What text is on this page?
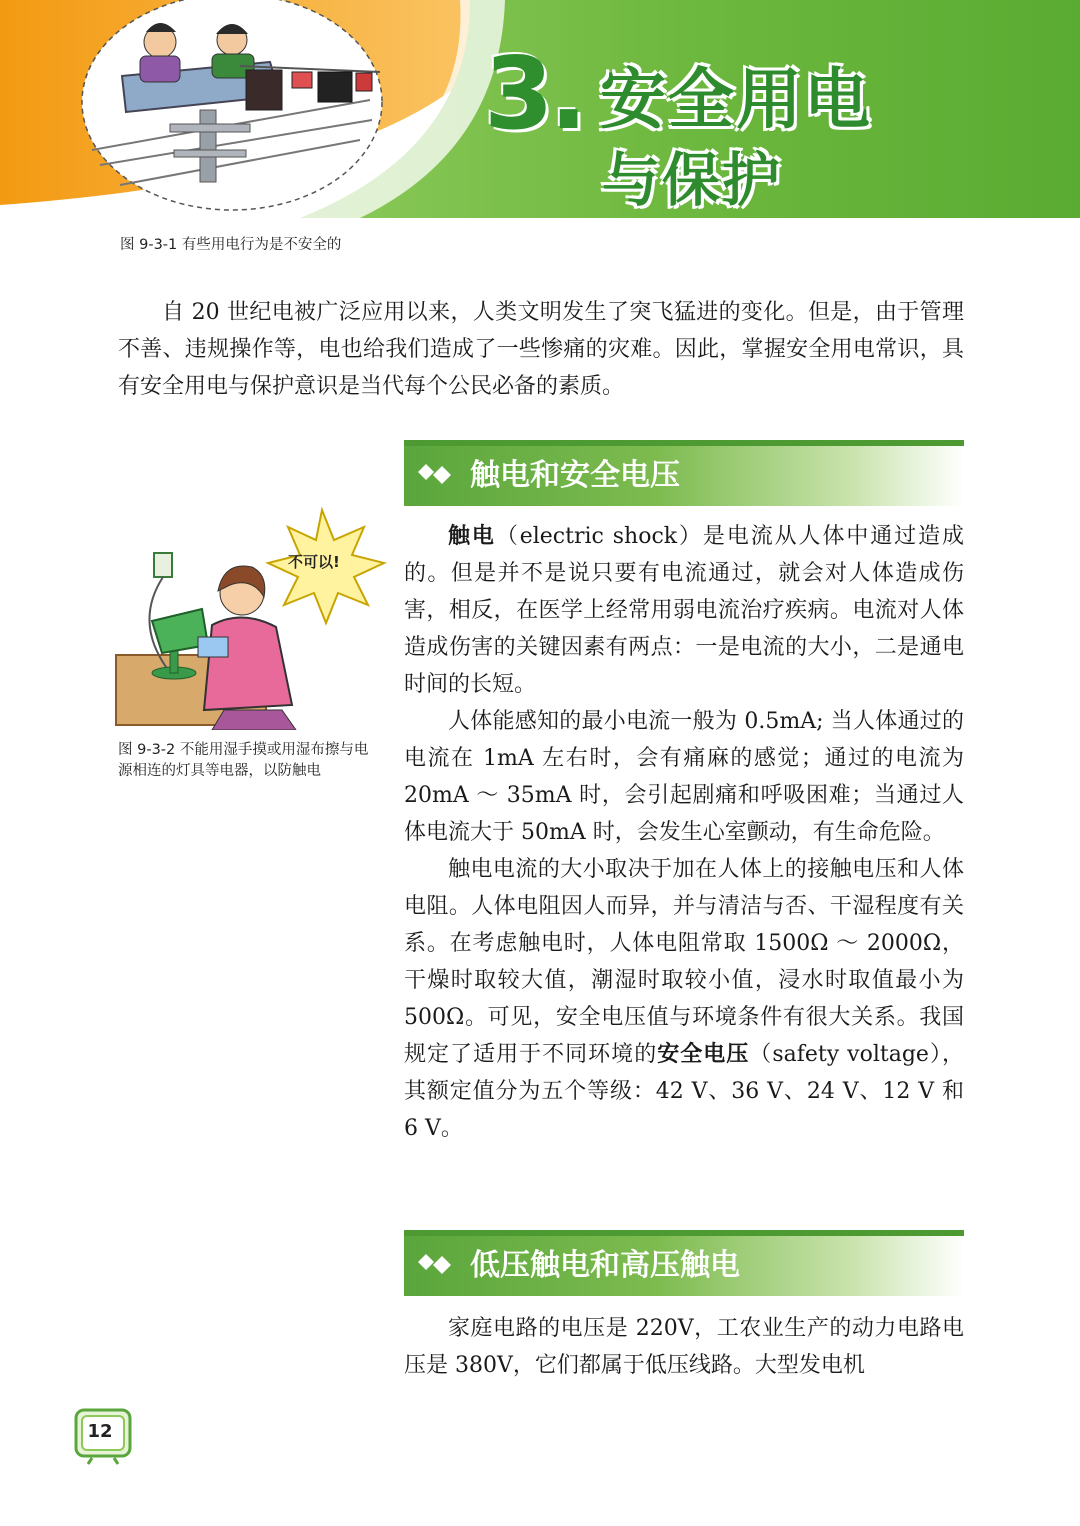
3. 安全用电
与保护
图 9-3-1 有些用电行为是不安全的

自 20 世纪电被广泛应用以来，人类文明发生了突飞猛进的变化。但是，由于管理不善、违规操作等，电也给我们造成了一些惨痛的灾难。因此，掌握安全用电常识，具有安全用电与保护意识是当代每个公民必备的素质。

触电和安全电压
不可以!
图 9-3-2 不能用湿手摸或用湿布擦与电源相连的灯具等电器，以防触电

触电（electric shock）是电流从人体中通过造成的。但是并不是说只要有电流通过，就会对人体造成伤害，相反，在医学上经常用弱电流治疗疾病。电流对人体造成伤害的关键因素有两点：一是电流的大小，二是通电时间的长短。

人体能感知的最小电流一般为 0.5mA; 当人体通过的电流在 1mA 左右时，会有痛麻的感觉；通过的电流为 20mA ～ 35mA 时，会引起剧痛和呼吸困难；当通过人体电流大于 50mA 时，会发生心室颤动，有生命危险。

触电电流的大小取决于加在人体上的接触电压和人体电阻。人体电阻因人而异，并与清洁与否、干湿程度有关系。在考虑触电时，人体电阻常取 1500Ω ～ 2000Ω，干燥时取较大值，潮湿时取较小值，浸水时取值最小为 500Ω。可见，安全电压值与环境条件有很大关系。我国规定了适用于不同环境的安全电压（safety voltage），其额定值分为五个等级：42 V、36 V、24 V、12 V 和 6 V。

低压触电和高压触电

家庭电路的电压是 220V，工农业生产的动力电路电压是 380V，它们都属于低压线路。大型发电机

12
